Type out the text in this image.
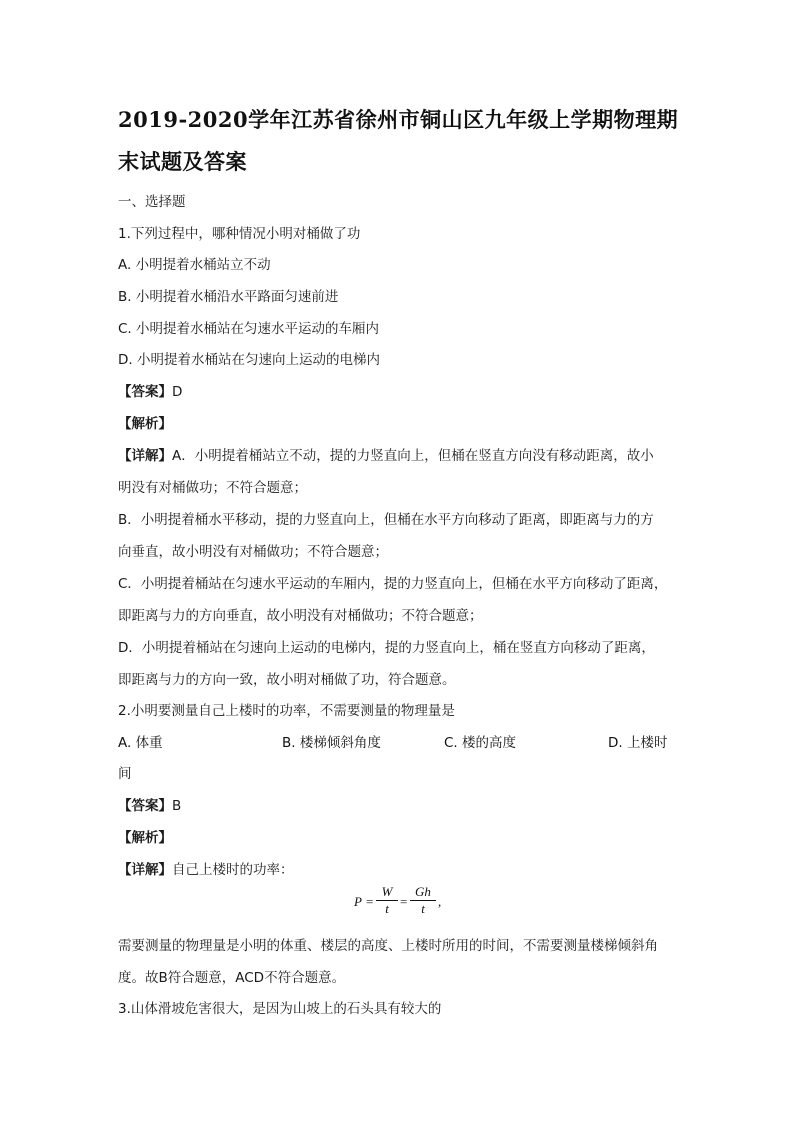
2019-2020学年江苏省徐州市铜山区九年级上学期物理期
末试题及答案
一、选择题
1.下列过程中，哪种情况小明对桶做了功
A. 小明提着水桶站立不动
B. 小明提着水桶沿水平路面匀速前进
C. 小明提着水桶站在匀速水平运动的车厢内
D. 小明提着水桶站在匀速向上运动的电梯内
【答案】D
【解析】
【详解】A．小明提着桶站立不动，提的力竖直向上，但桶在竖直方向没有移动距离，故小
明没有对桶做功；不符合题意；
B．小明提着桶水平移动，提的力竖直向上，但桶在水平方向移动了距离，即距离与力的方
向垂直，故小明没有对桶做功；不符合题意；
C．小明提着桶站在匀速水平运动的车厢内，提的力竖直向上，但桶在水平方向移动了距离，
即距离与力的方向垂直，故小明没有对桶做功；不符合题意；
D．小明提着桶站在匀速向上运动的电梯内，提的力竖直向上，桶在竖直方向移动了距离，
即距离与力的方向一致，故小明对桶做了功，符合题意。
2.小明要测量自己上楼时的功率，不需要测量的物理量是
A. 体重	B. 楼梯倾斜角度	C. 楼的高度	D. 上楼时
间
【答案】B
【解析】
【详解】自己上楼时的功率：
$P = \frac{W}{t} = \frac{Gh}{t}$ ,
需要测量的物理量是小明的体重、楼层的高度、上楼时所用的时间，不需要测量楼梯倾斜角
度。故B符合题意，ACD不符合题意。
3.山体滑坡危害很大，是因为山坡上的石头具有较大的
